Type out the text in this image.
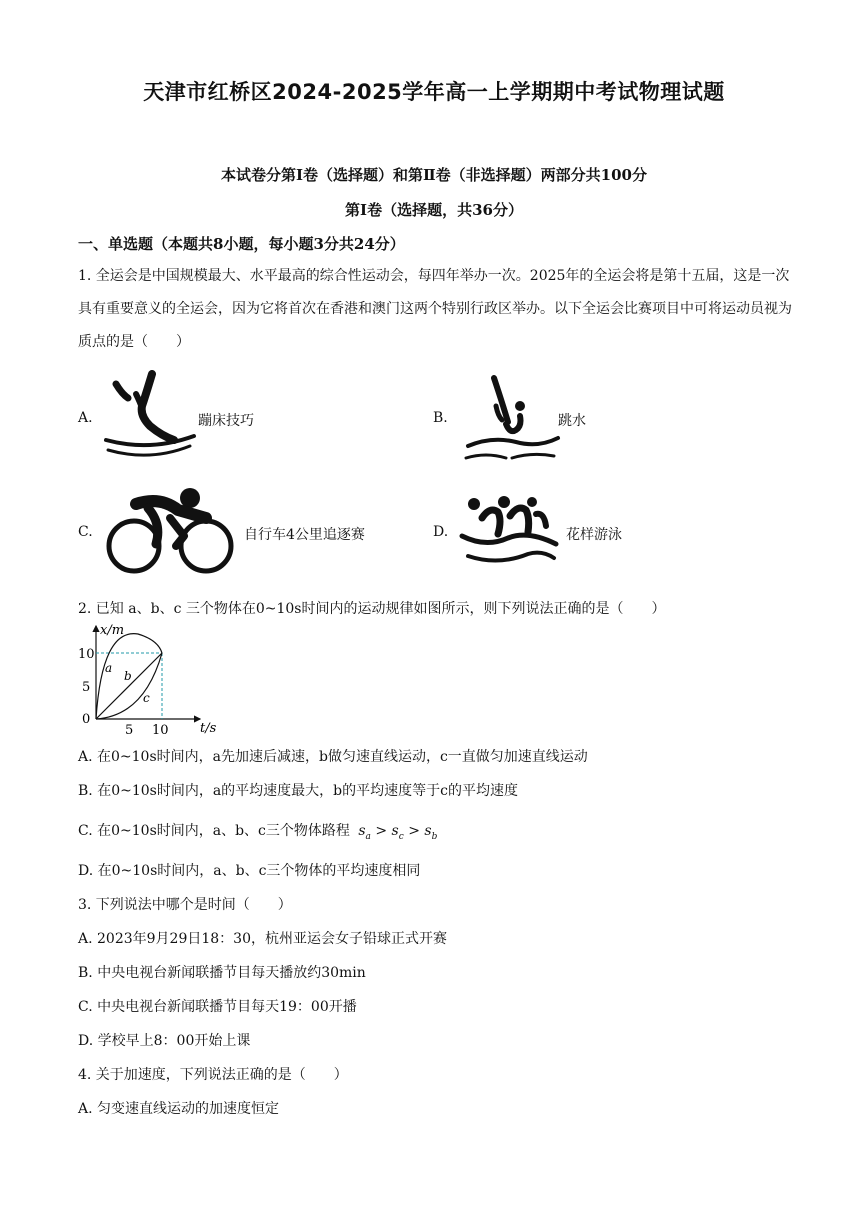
天津市红桥区2024-2025学年高一上学期期中考试物理试题
本试卷分第Ⅰ卷（选择题）和第Ⅱ卷（非选择题）两部分共100分
第Ⅰ卷（选择题，共36分）
一、单选题（本题共8小题，每小题3分共24分）
1. 全运会是中国规模最大、水平最高的综合性运动会，每四年举办一次。2025年的全运会将是第十五届，这是一次具有重要意义的全运会，因为它将首次在香港和澳门这两个特别行政区举办。以下全运会比赛项目中可将运动员视为质点的是（　　）
A.	蹦床技巧	B.	跳水
C.	自行车4公里追逐赛	D.	花样游泳
2. 已知 a、b、c 三个物体在0~10s时间内的运动规律如图所示，则下列说法正确的是（　　）
x/m
t/s
0
5
10
5 10
a
b
c
A. 在0~10s时间内，a先加速后减速，b做匀速直线运动，c一直做匀加速直线运动
B. 在0~10s时间内，a的平均速度最大，b的平均速度等于c的平均速度
C. 在0~10s时间内，a、b、c三个物体路程 $s_a > s_c > s_b$
D. 在0~10s时间内，a、b、c三个物体的平均速度相同
3. 下列说法中哪个是时间（　　）
A. 2023年9月29日18：30，杭州亚运会女子铅球正式开赛
B. 中央电视台新闻联播节目每天播放约30min
C. 中央电视台新闻联播节目每天19：00开播
D. 学校早上8：00开始上课
4. 关于加速度，下列说法正确的是（　　）
A. 匀变速直线运动的加速度恒定
